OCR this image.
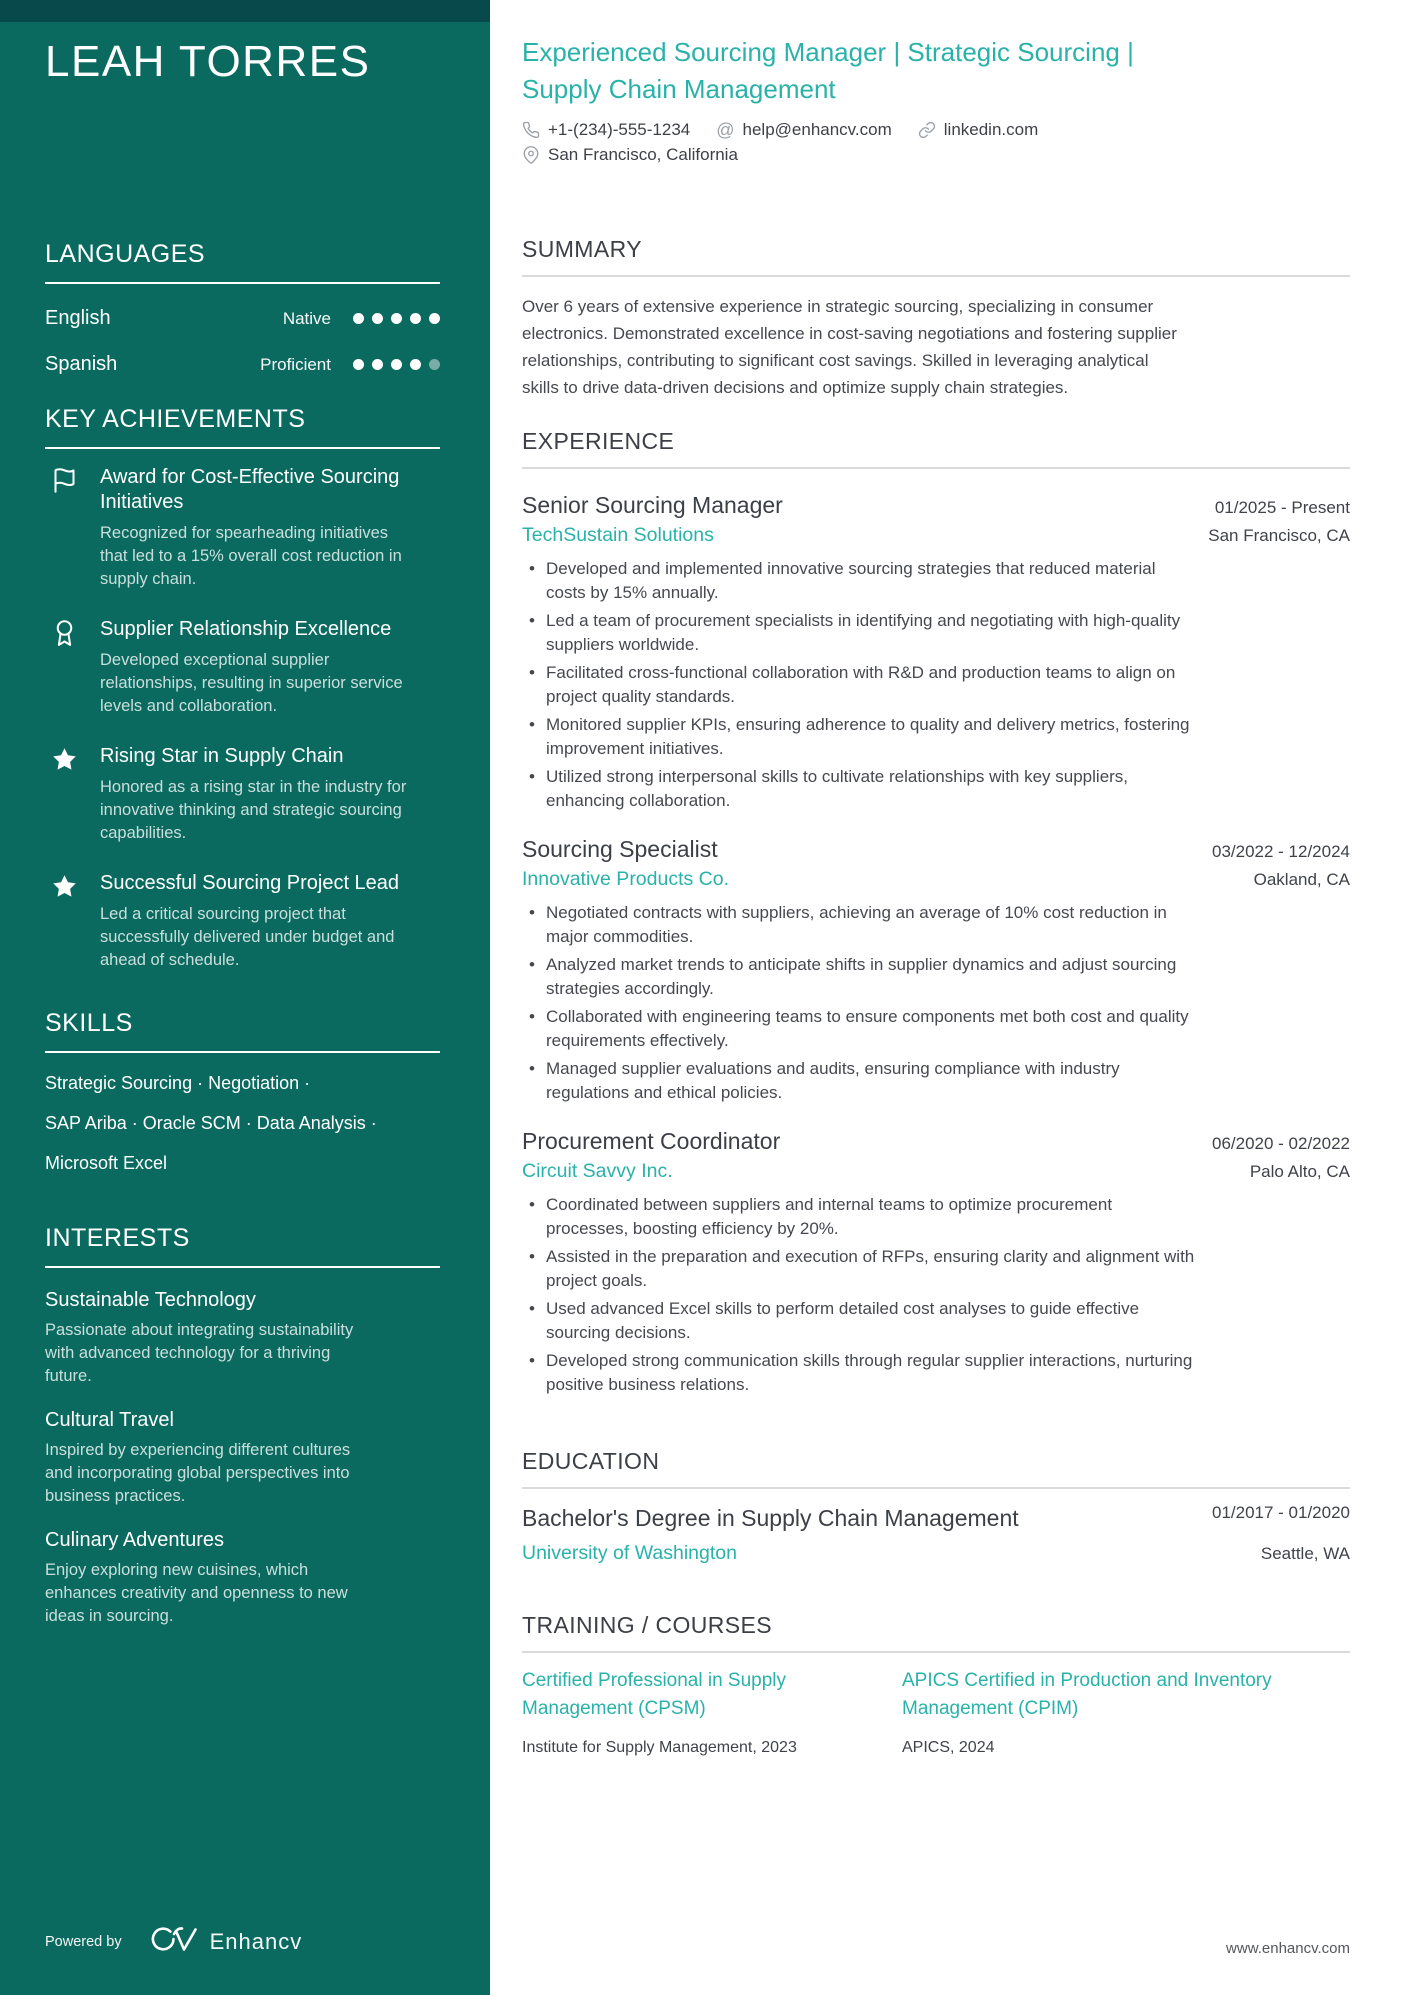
LEAH TORRES
LANGUAGES
English	Native
Spanish	Proficient
KEY ACHIEVEMENTS
Award for Cost-Effective Sourcing Initiatives
Recognized for spearheading initiatives that led to a 15% overall cost reduction in supply chain.
Supplier Relationship Excellence
Developed exceptional supplier relationships, resulting in superior service levels and collaboration.
Rising Star in Supply Chain
Honored as a rising star in the industry for innovative thinking and strategic sourcing capabilities.
Successful Sourcing Project Lead
Led a critical sourcing project that successfully delivered under budget and ahead of schedule.
SKILLS
Strategic Sourcing · Negotiation ·
SAP Ariba · Oracle SCM · Data Analysis ·
Microsoft Excel
INTERESTS
Sustainable Technology
Passionate about integrating sustainability with advanced technology for a thriving future.
Cultural Travel
Inspired by experiencing different cultures and incorporating global perspectives into business practices.
Culinary Adventures
Enjoy exploring new cuisines, which enhances creativity and openness to new ideas in sourcing.
Powered by	Enhancv
Experienced Sourcing Manager | Strategic Sourcing |
Supply Chain Management
+1-(234)-555-1234 @ help@enhancv.com	linkedin.com
San Francisco, California
SUMMARY

Over 6 years of extensive experience in strategic sourcing, specializing in consumer electronics. Demonstrated excellence in cost-saving negotiations and fostering supplier relationships, contributing to significant cost savings. Skilled in leveraging analytical skills to drive data-driven decisions and optimize supply chain strategies.

EXPERIENCE
Senior Sourcing Manager	01/2025 - Present
TechSustain Solutions	San Francisco, CA
• Developed and implemented innovative sourcing strategies that reduced material costs by 15% annually.
• Led a team of procurement specialists in identifying and negotiating with high-quality suppliers worldwide.
• Facilitated cross-functional collaboration with R&D and production teams to align on project quality standards.
• Monitored supplier KPIs, ensuring adherence to quality and delivery metrics, fostering improvement initiatives.
• Utilized strong interpersonal skills to cultivate relationships with key suppliers, enhancing collaboration.
Sourcing Specialist	03/2022 - 12/2024
Innovative Products Co.	Oakland, CA
• Negotiated contracts with suppliers, achieving an average of 10% cost reduction in major commodities.
• Analyzed market trends to anticipate shifts in supplier dynamics and adjust sourcing strategies accordingly.
• Collaborated with engineering teams to ensure components met both cost and quality requirements effectively.
• Managed supplier evaluations and audits, ensuring compliance with industry regulations and ethical policies.
Procurement Coordinator	06/2020 - 02/2022
Circuit Savvy Inc.	Palo Alto, CA
• Coordinated between suppliers and internal teams to optimize procurement processes, boosting efficiency by 20%.
• Assisted in the preparation and execution of RFPs, ensuring clarity and alignment with project goals.
• Used advanced Excel skills to perform detailed cost analyses to guide effective sourcing decisions.
• Developed strong communication skills through regular supplier interactions, nurturing positive business relations.
EDUCATION
Bachelor's Degree in Supply Chain Management	01/2017 - 01/2020
University of Washington	Seattle, WA
TRAINING / COURSES
Certified Professional in Supply Management (CPSM)
Institute for Supply Management, 2023
APICS Certified in Production and Inventory Management (CPIM)
APICS, 2024
www.enhancv.com
